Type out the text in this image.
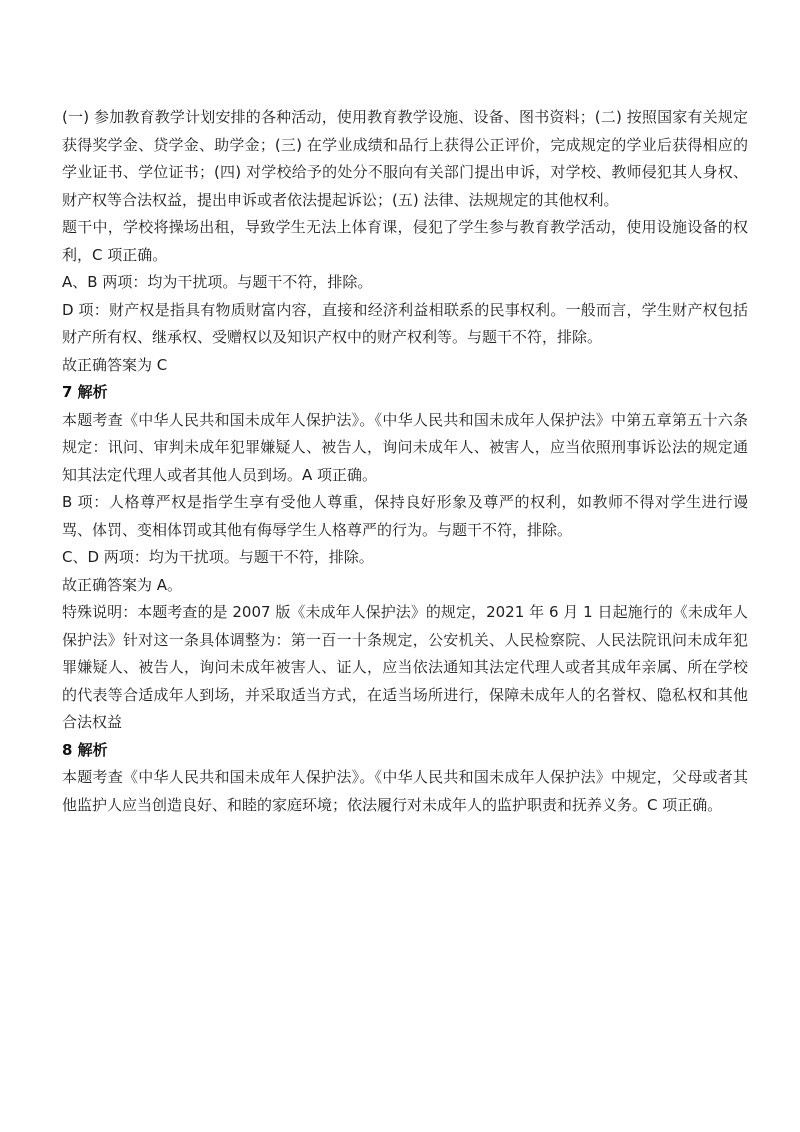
(一) 参加教育教学计划安排的各种活动，使用教育教学设施、设备、图书资料；(二) 按照国家有关规定获得奖学金、贷学金、助学金；(三) 在学业成绩和品行上获得公正评价，完成规定的学业后获得相应的学业证书、学位证书；(四) 对学校给予的处分不服向有关部门提出申诉，对学校、教师侵犯其人身权、财产权等合法权益，提出申诉或者依法提起诉讼；(五) 法律、法规规定的其他权利。

题干中，学校将操场出租，导致学生无法上体育课，侵犯了学生参与教育教学活动，使用设施设备的权利，C 项正确。

A、B 两项：均为干扰项。与题干不符，排除。

D 项：财产权是指具有物质财富内容，直接和经济利益相联系的民事权利。一般而言，学生财产权包括财产所有权、继承权、受赠权以及知识产权中的财产权利等。与题干不符，排除。

故正确答案为 C

7 解析

本题考查《中华人民共和国未成年人保护法》。《中华人民共和国未成年人保护法》中第五章第五十六条规定：讯问、审判未成年犯罪嫌疑人、被告人，询问未成年人、被害人，应当依照刑事诉讼法的规定通知其法定代理人或者其他人员到场。A 项正确。

B 项：人格尊严权是指学生享有受他人尊重，保持良好形象及尊严的权利，如教师不得对学生进行谩骂、体罚、变相体罚或其他有侮辱学生人格尊严的行为。与题干不符，排除。

C、D 两项：均为干扰项。与题干不符，排除。

故正确答案为 A。

特殊说明：本题考查的是 2007 版《未成年人保护法》的规定，2021 年 6 月 1 日起施行的《未成年人保护法》针对这一条具体调整为：第一百一十条规定，公安机关、人民检察院、人民法院讯问未成年犯罪嫌疑人、被告人，询问未成年被害人、证人，应当依法通知其法定代理人或者其成年亲属、所在学校的代表等合适成年人到场，并采取适当方式，在适当场所进行，保障未成年人的名誉权、隐私权和其他合法权益

8 解析

本题考查《中华人民共和国未成年人保护法》。《中华人民共和国未成年人保护法》中规定，父母或者其他监护人应当创造良好、和睦的家庭环境；依法履行对未成年人的监护职责和抚养义务。C 项正确。
